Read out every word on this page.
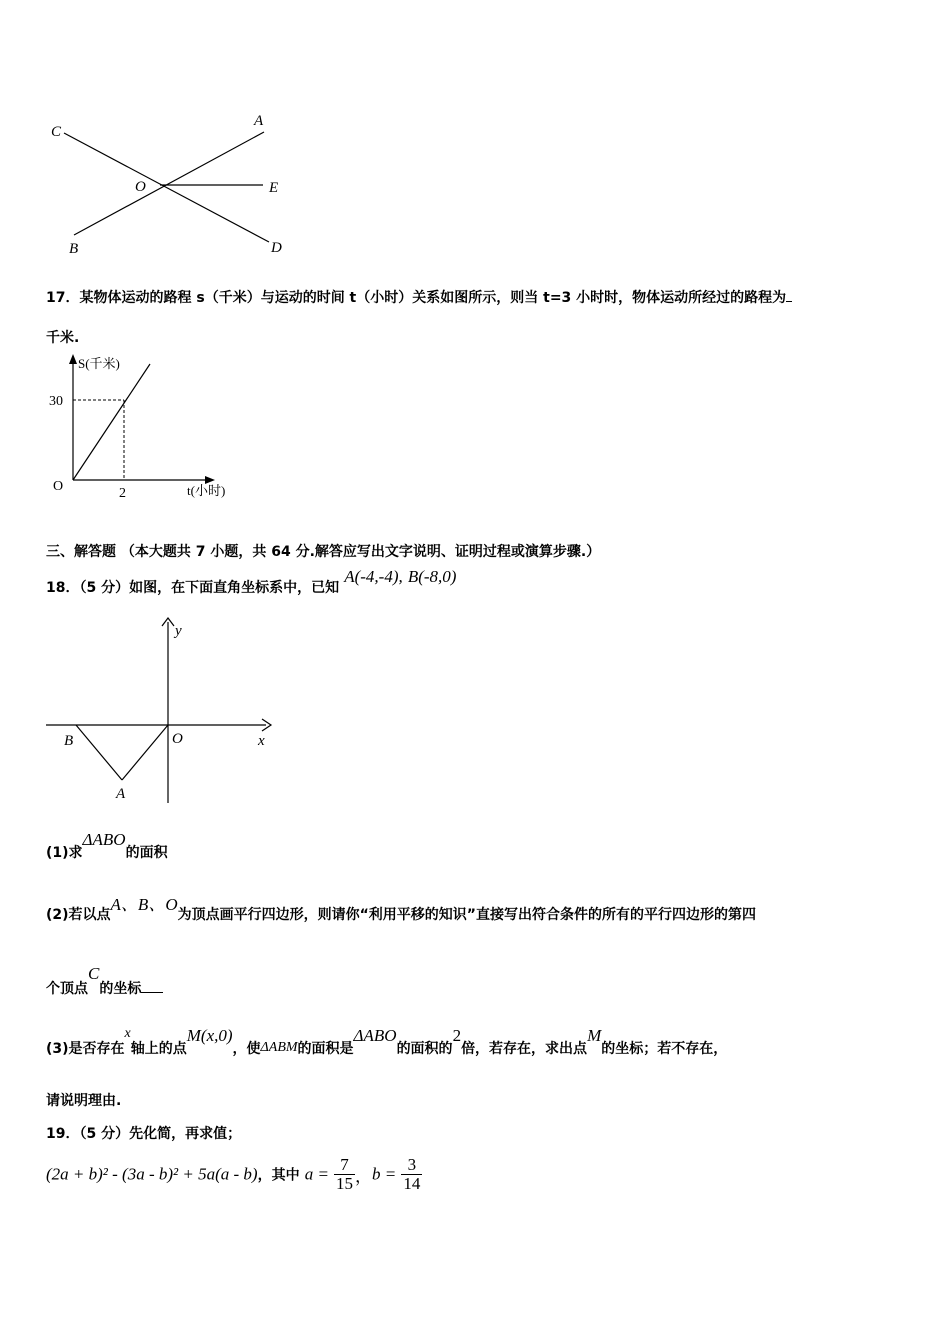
A
B
C
D
E
O
17．某物体运动的路程 s（千米）与运动的时间 t（小时）关系如图所示，则当 t=3 小时时，物体运动所经过的路程为
千米.
S(千米)
t(小时)
O
30
2
三、解答题 （本大题共 7 小题，共 64 分.解答应写出文字说明、证明过程或演算步骤.）
18．（5 分）如图，在下面直角坐标系中，已知 A(-4,-4), B(-8,0)
y
x
O
B
A
(1)求ΔABO的面积
(2)若以点A、B、O为顶点画平行四边形，则请你“利用平移的知识”直接写出符合条件的所有的平行四边形的第四
个顶点C的坐标
(3)是否存在x轴上的点M(x,0)，使ΔABM的面积是ΔABO的面积的2倍，若存在，求出点M的坐标；若不存在，
请说明理由.
19．（5 分）先化简，再求值；
(2a + b)² - (3a - b)² + 5a(a - b)，其中 $a = \frac{7}{15}$ ，$b = \frac{3}{14}$
